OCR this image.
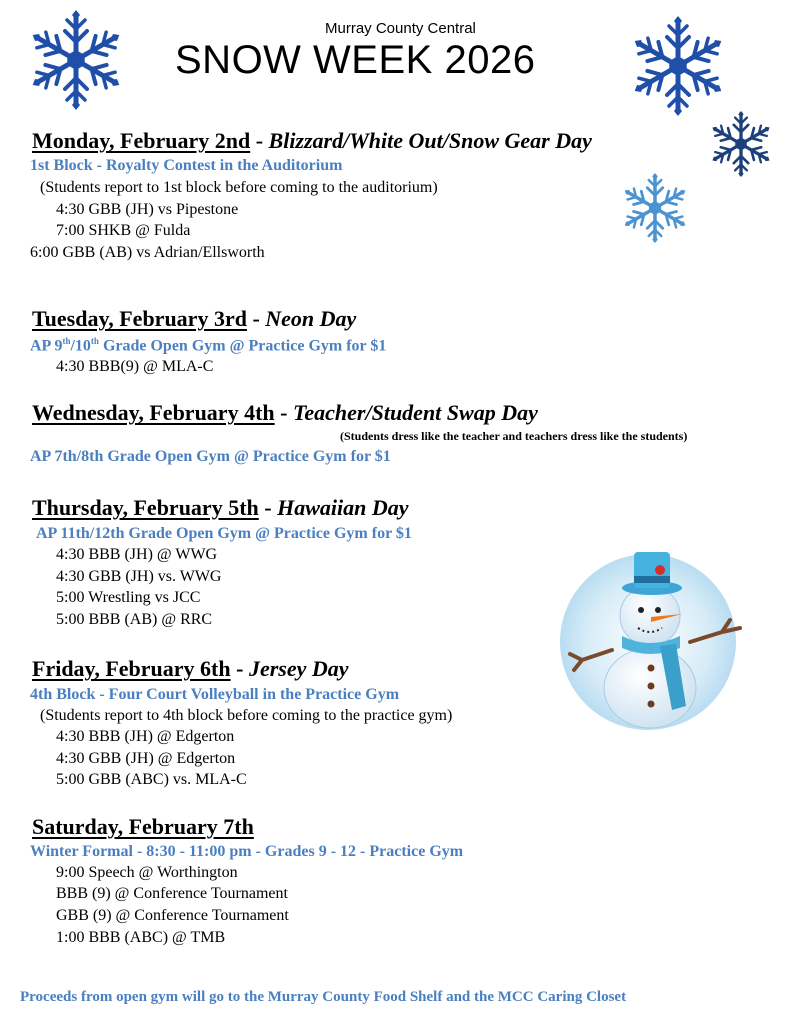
Murray County Central
SNOW WEEK 2026
Monday, February 2nd - Blizzard/White Out/Snow Gear Day
1st Block - Royalty Contest in the Auditorium
(Students report to 1st block before coming to the auditorium)
4:30 GBB (JH) vs Pipestone
7:00 SHKB @ Fulda
6:00 GBB (AB) vs Adrian/Ellsworth
Tuesday, February 3rd - Neon Day
AP 9th/10th Grade Open Gym @ Practice Gym for $1
4:30 BBB(9) @ MLA-C
Wednesday, February 4th - Teacher/Student Swap Day
(Students dress like the teacher and teachers dress like the students)
AP 7th/8th Grade Open Gym @ Practice Gym for $1
Thursday, February 5th - Hawaiian Day
AP 11th/12th Grade Open Gym @ Practice Gym for $1
4:30 BBB (JH) @ WWG
4:30 GBB (JH) vs. WWG
5:00 Wrestling vs JCC
5:00 BBB (AB) @ RRC
Friday, February 6th - Jersey Day
4th Block - Four Court Volleyball in the Practice Gym
(Students report to 4th block before coming to the practice gym)
4:30 BBB (JH) @ Edgerton
4:30 GBB (JH) @ Edgerton
5:00 GBB (ABC) vs. MLA-C
Saturday, February 7th
Winter Formal - 8:30 - 11:00 pm - Grades 9 - 12 - Practice Gym
9:00 Speech @ Worthington
BBB (9) @ Conference Tournament
GBB (9) @ Conference Tournament
1:00 BBB (ABC) @ TMB
Proceeds from open gym will go to the Murray County Food Shelf and the MCC Caring Closet
